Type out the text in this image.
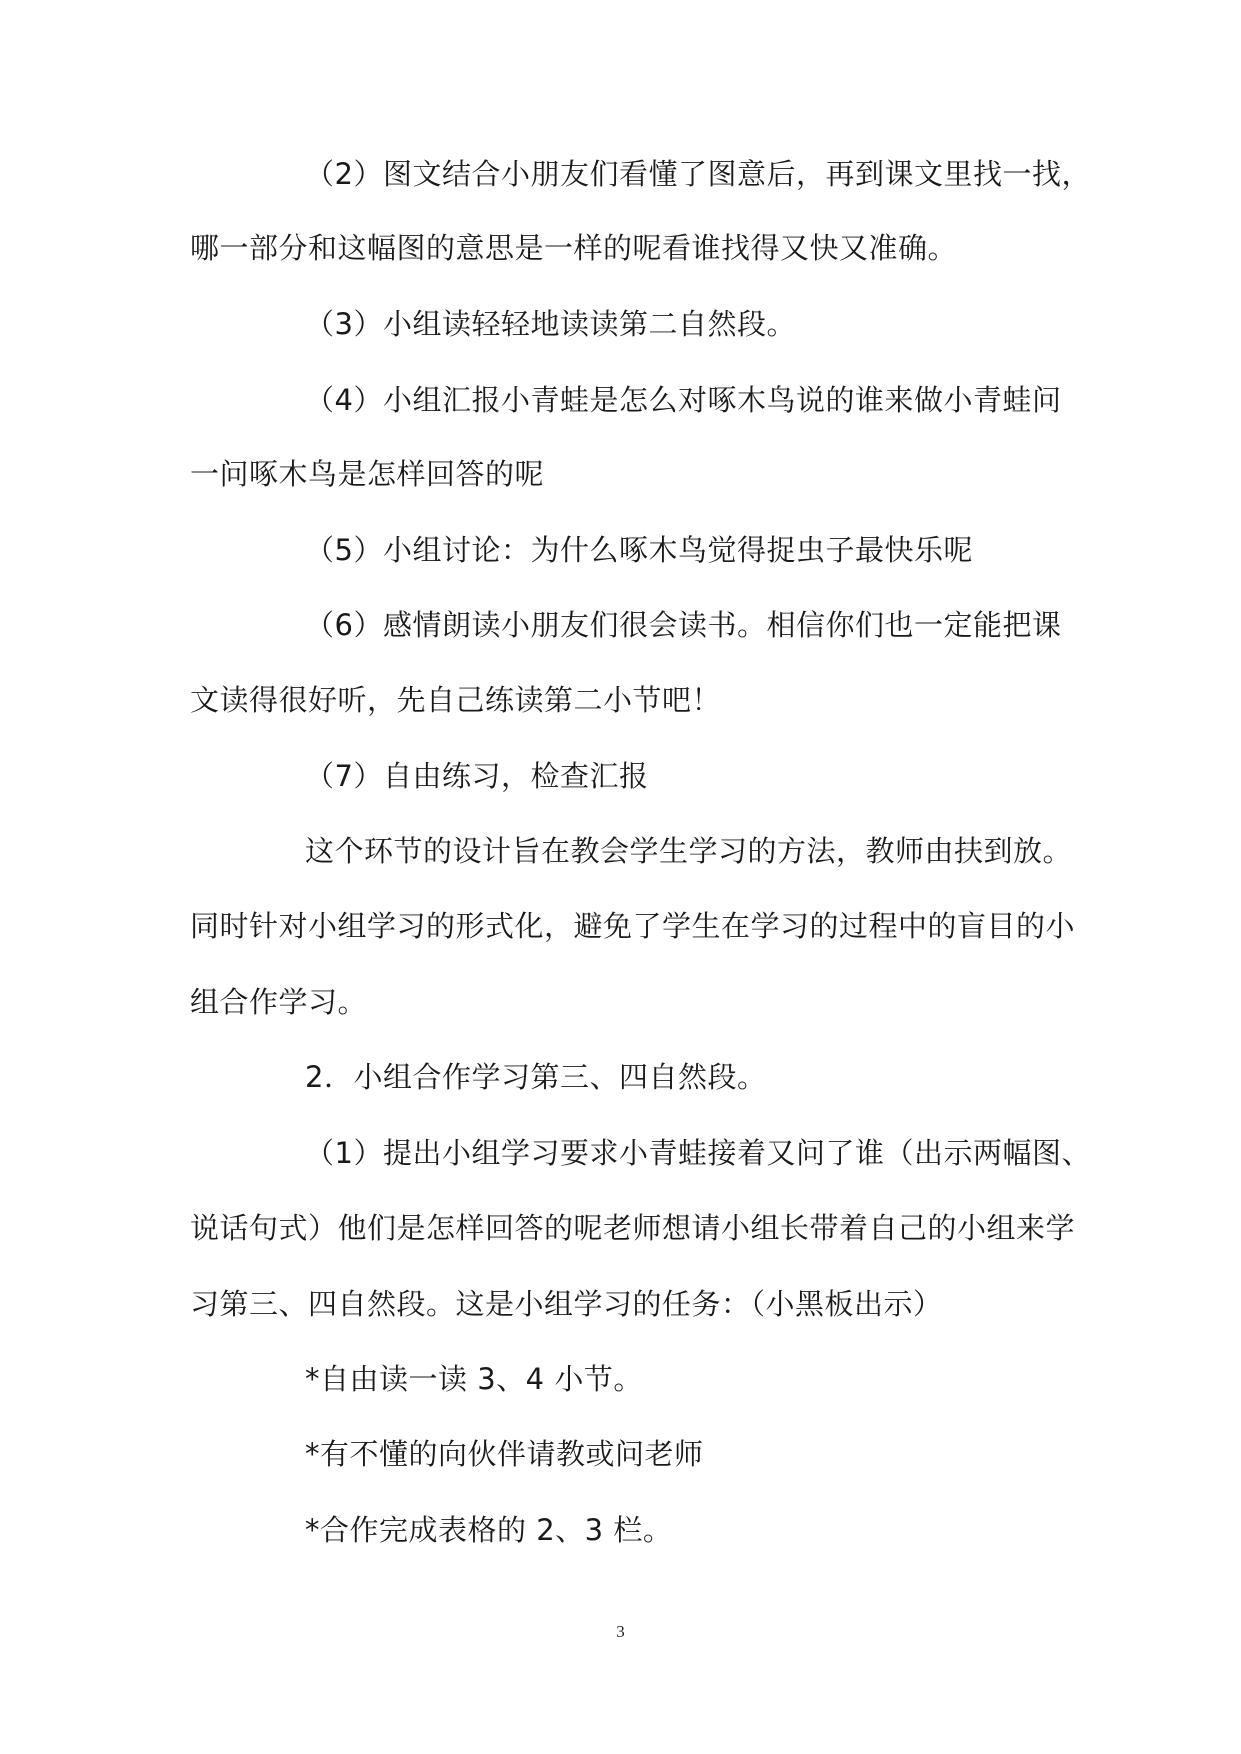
（2）图文结合小朋友们看懂了图意后，再到课文里找一找，
哪一部分和这幅图的意思是一样的呢看谁找得又快又准确。
（3）小组读轻轻地读读第二自然段。
（4）小组汇报小青蛙是怎么对啄木鸟说的谁来做小青蛙问
一问啄木鸟是怎样回答的呢
（5）小组讨论：为什么啄木鸟觉得捉虫子最快乐呢
（6）感情朗读小朋友们很会读书。相信你们也一定能把课
文读得很好听，先自己练读第二小节吧！
（7）自由练习，检查汇报
这个环节的设计旨在教会学生学习的方法，教师由扶到放。
同时针对小组学习的形式化，避免了学生在学习的过程中的盲目的小
组合作学习。
2．小组合作学习第三、四自然段。
（1）提出小组学习要求小青蛙接着又问了谁（出示两幅图、
说话句式）他们是怎样回答的呢老师想请小组长带着自己的小组来学
习第三、四自然段。这是小组学习的任务：（小黑板出示）
*自由读一读 3、4 小节。
*有不懂的向伙伴请教或问老师
*合作完成表格的 2、3 栏。
3
